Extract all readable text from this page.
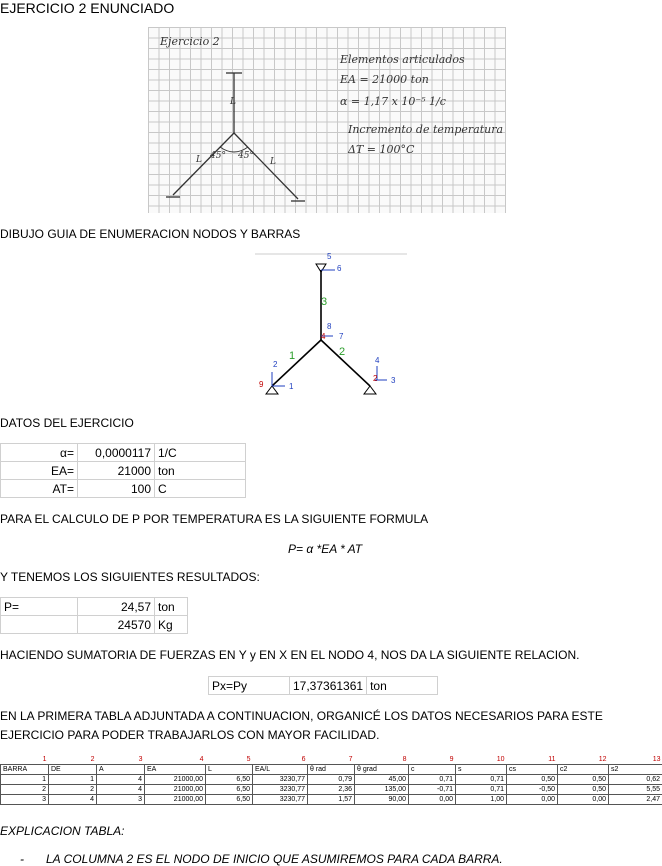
EJERCICIO 2 ENUNCIADO
Ejercicio 2
Elementos articulados
EA = 21000 ton
α = 1,17 x 10⁻⁵ 1/c
Incremento de temperatura
ΔT = 100°C
45° 45°
L
L	L
DIBUJO GUIA DE ENUMERACION NODOS Y BARRAS
5
6
3
8
4 7
1	2
2
9	1
4
2 3
DATOS DEL EJERCICIO
α=	0,0000117	1/C
EA=	21000	ton
AT=	100	C
PARA EL CALCULO DE P POR TEMPERATURA ES LA SIGUIENTE FORMULA
P= α *EA * AT
Y TENEMOS LOS SIGUIENTES RESULTADOS:
P=	24,57	ton
	24570	Kg
HACIENDO SUMATORIA DE FUERZAS EN Y y EN X EN EL NODO 4, NOS DA LA SIGUIENTE RELACION.
Px=Py	17,37361361	ton
EN LA PRIMERA TABLA ADJUNTADA A CONTINUACION, ORGANICÉ LOS DATOS NECESARIOS PARA ESTE
EJERCICIO PARA PODER TRABAJARLOS CON MAYOR FACILIDAD.
1	2	3	4	5	6	7	8	9	10	11	12	13
BARRA	DE	A	EA	L	EA/L	θ rad	θ grad	c	s	cs	c2	s2
1	1	4	21000,00	6,50	3230,77	0,79	45,00	0,71	0,71	0,50	0,50	0,62
2	2	4	21000,00	6,50	3230,77	2,36	135,00	-0,71	0,71	-0,50	0,50	5,55
3	4	3	21000,00	6,50	3230,77	1,57	90,00	0,00	1,00	0,00	0,00	2,47
EXPLICACION TABLA:
- LA COLUMNA 2 ES EL NODO DE INICIO QUE ASUMIREMOS PARA CADA BARRA.
